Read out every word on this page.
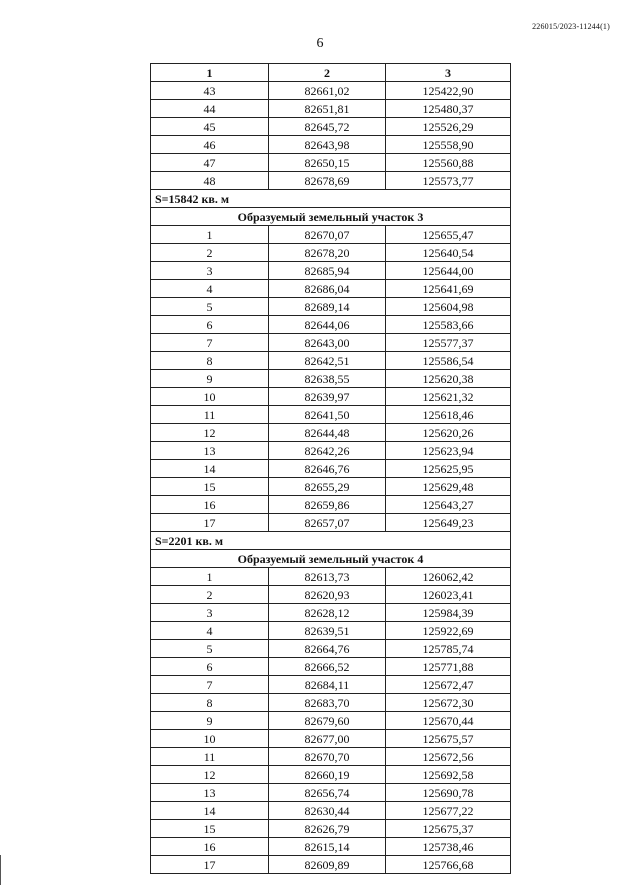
226015/2023-11244(1)
6
1	2	3
43	82661,02	125422,90
44	82651,81	125480,37
45	82645,72	125526,29
46	82643,98	125558,90
47	82650,15	125560,88
48	82678,69	125573,77
S=15842 кв. м		
Образуемый земельный участок 3		
1	82670,07	125655,47
2	82678,20	125640,54
3	82685,94	125644,00
4	82686,04	125641,69
5	82689,14	125604,98
6	82644,06	125583,66
7	82643,00	125577,37
8	82642,51	125586,54
9	82638,55	125620,38
10	82639,97	125621,32
11	82641,50	125618,46
12	82644,48	125620,26
13	82642,26	125623,94
14	82646,76	125625,95
15	82655,29	125629,48
16	82659,86	125643,27
17	82657,07	125649,23
S=2201 кв. м		
Образуемый земельный участок 4		
1	82613,73	126062,42
2	82620,93	126023,41
3	82628,12	125984,39
4	82639,51	125922,69
5	82664,76	125785,74
6	82666,52	125771,88
7	82684,11	125672,47
8	82683,70	125672,30
9	82679,60	125670,44
10	82677,00	125675,57
11	82670,70	125672,56
12	82660,19	125692,58
13	82656,74	125690,78
14	82630,44	125677,22
15	82626,79	125675,37
16	82615,14	125738,46
17	82609,89	125766,68
